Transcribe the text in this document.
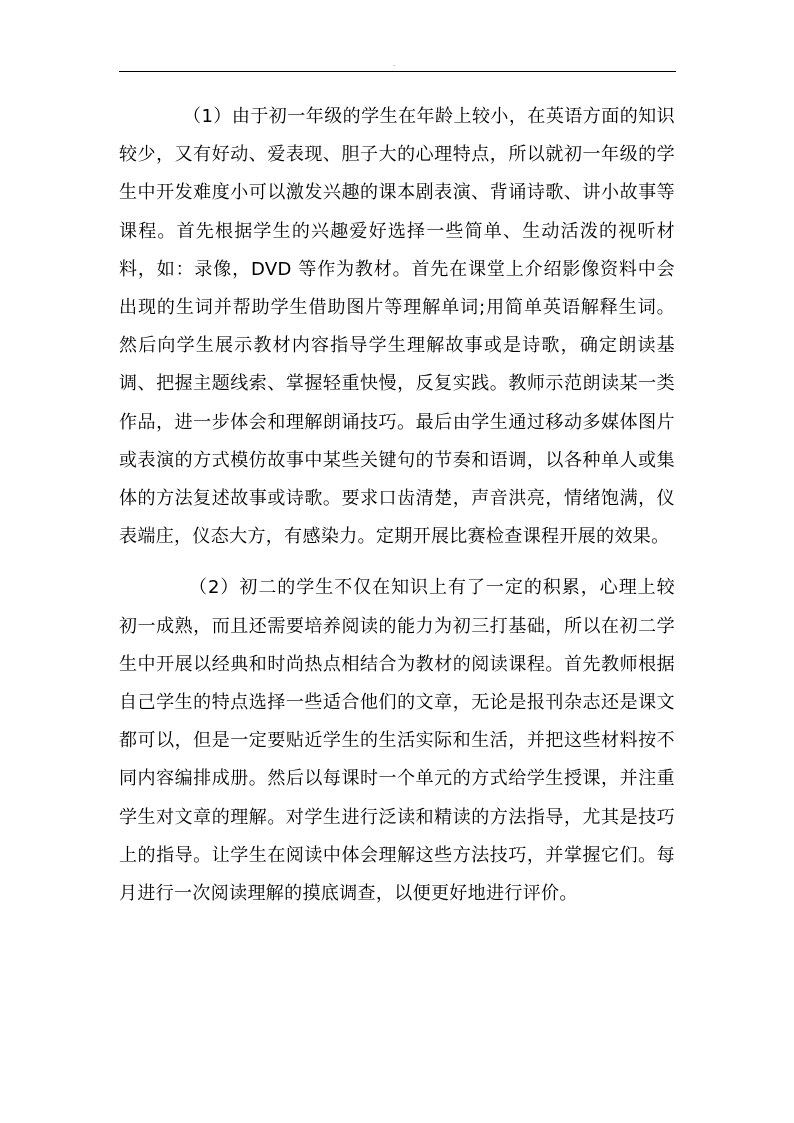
.

（1）由于初一年级的学生在年龄上较小，在英语方面的知识较少，又有好动、爱表现、胆子大的心理特点，所以就初一年级的学生中开发难度小可以激发兴趣的课本剧表演、背诵诗歌、讲小故事等课程。首先根据学生的兴趣爱好选择一些简单、生动活泼的视听材料，如：录像，DVD 等作为教材。首先在课堂上介绍影像资料中会出现的生词并帮助学生借助图片等理解单词;用简单英语解释生词。然后向学生展示教材内容指导学生理解故事或是诗歌，确定朗读基调、把握主题线索、掌握轻重快慢，反复实践。教师示范朗读某一类作品，进一步体会和理解朗诵技巧。最后由学生通过移动多媒体图片或表演的方式模仿故事中某些关键句的节奏和语调，以各种单人或集体的方法复述故事或诗歌。要求口齿清楚，声音洪亮，情绪饱满，仪表端庄，仪态大方，有感染力。定期开展比赛检查课程开展的效果。

（2）初二的学生不仅在知识上有了一定的积累，心理上较初一成熟，而且还需要培养阅读的能力为初三打基础，所以在初二学生中开展以经典和时尚热点相结合为教材的阅读课程。首先教师根据自己学生的特点选择一些适合他们的文章，无论是报刊杂志还是课文都可以，但是一定要贴近学生的生活实际和生活，并把这些材料按不同内容编排成册。然后以每课时一个单元的方式给学生授课，并注重学生对文章的理解。对学生进行泛读和精读的方法指导，尤其是技巧上的指导。让学生在阅读中体会理解这些方法技巧，并掌握它们。每月进行一次阅读理解的摸底调查，以便更好地进行评价。
